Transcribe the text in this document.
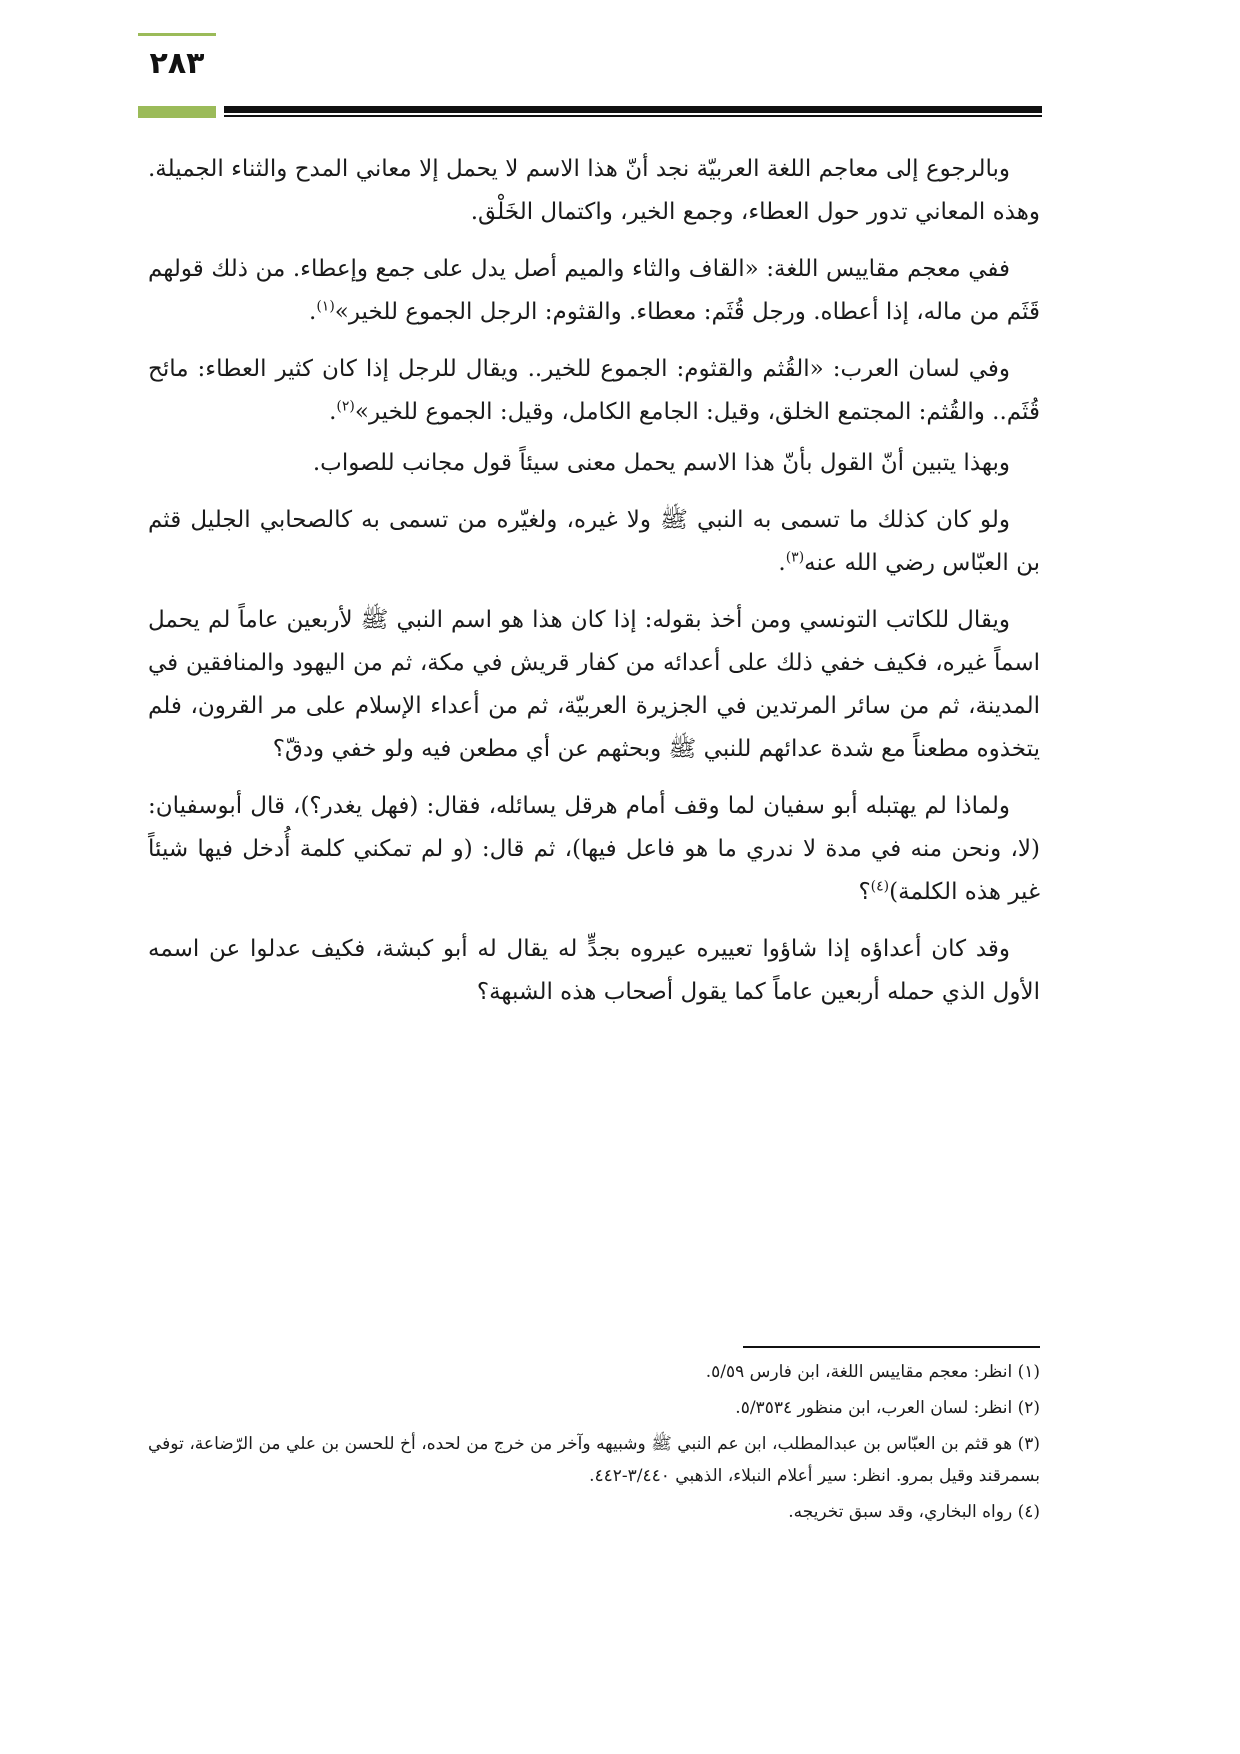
٢٨٣

وبالرجوع إلى معاجم اللغة العربيّة نجد أنّ هذا الاسم لا يحمل إلا معاني المدح والثناء الجميلة. وهذه المعاني تدور حول العطاء، وجمع الخير، واكتمال الخَلْق.

ففي معجم مقاييس اللغة: «القاف والثاء والميم أصل يدل على جمع وإعطاء. من ذلك قولهم قَثَم من ماله، إذا أعطاه. ورجل قُثَم: معطاء. والقثوم: الرجل الجموع للخير»$^{(١)}$.

وفي لسان العرب: «القُثم والقثوم: الجموع للخير.. ويقال للرجل إذا كان كثير العطاء: مائح قُثَم.. والقُثم: المجتمع الخلق، وقيل: الجامع الكامل، وقيل: الجموع للخير»$^{(٢)}$.

وبهذا يتبين أنّ القول بأنّ هذا الاسم يحمل معنى سيئاً قول مجانب للصواب.

ولو كان كذلك ما تسمى به النبي ﷺ ولا غيره، ولغيّره من تسمى به كالصحابي الجليل قثم بن العبّاس رضي الله عنه$^{(٣)}$.

ويقال للكاتب التونسي ومن أخذ بقوله: إذا كان هذا هو اسم النبي ﷺ لأربعين عاماً لم يحمل اسماً غيره، فكيف خفي ذلك على أعدائه من كفار قريش في مكة، ثم من اليهود والمنافقين في المدينة، ثم من سائر المرتدين في الجزيرة العربيّة، ثم من أعداء الإسلام على مر القرون، فلم يتخذوه مطعناً مع شدة عدائهم للنبي ﷺ وبحثهم عن أي مطعن فيه ولو خفي ودقّ؟

ولماذا لم يهتبله أبو سفيان لما وقف أمام هرقل يسائله، فقال: (فهل يغدر؟)، قال أبوسفيان: (لا، ونحن منه في مدة لا ندري ما هو فاعل فيها)، ثم قال: (و لم تمكني كلمة أُدخل فيها شيئاً غير هذه الكلمة)$^{(٤)}$؟

وقد كان أعداؤه إذا شاؤوا تعييره عيروه بجدٍّ له يقال له أبو كبشة، فكيف عدلوا عن اسمه الأول الذي حمله أربعين عاماً كما يقول أصحاب هذه الشبهة؟

(١) انظر: معجم مقاييس اللغة، ابن فارس ٥/٥٩.
(٢) انظر: لسان العرب، ابن منظور ٥/٣٥٣٤.
(٣) هو قثم بن العبّاس بن عبدالمطلب، ابن عم النبي ﷺ وشبيهه وآخر من خرج من لحده، أخ للحسن بن علي من الرّضاعة، توفي بسمرقند وقيل بمرو. انظر: سير أعلام النبلاء، الذهبي ٣/٤٤٠-٤٤٢.
(٤) رواه البخاري، وقد سبق تخريجه.
